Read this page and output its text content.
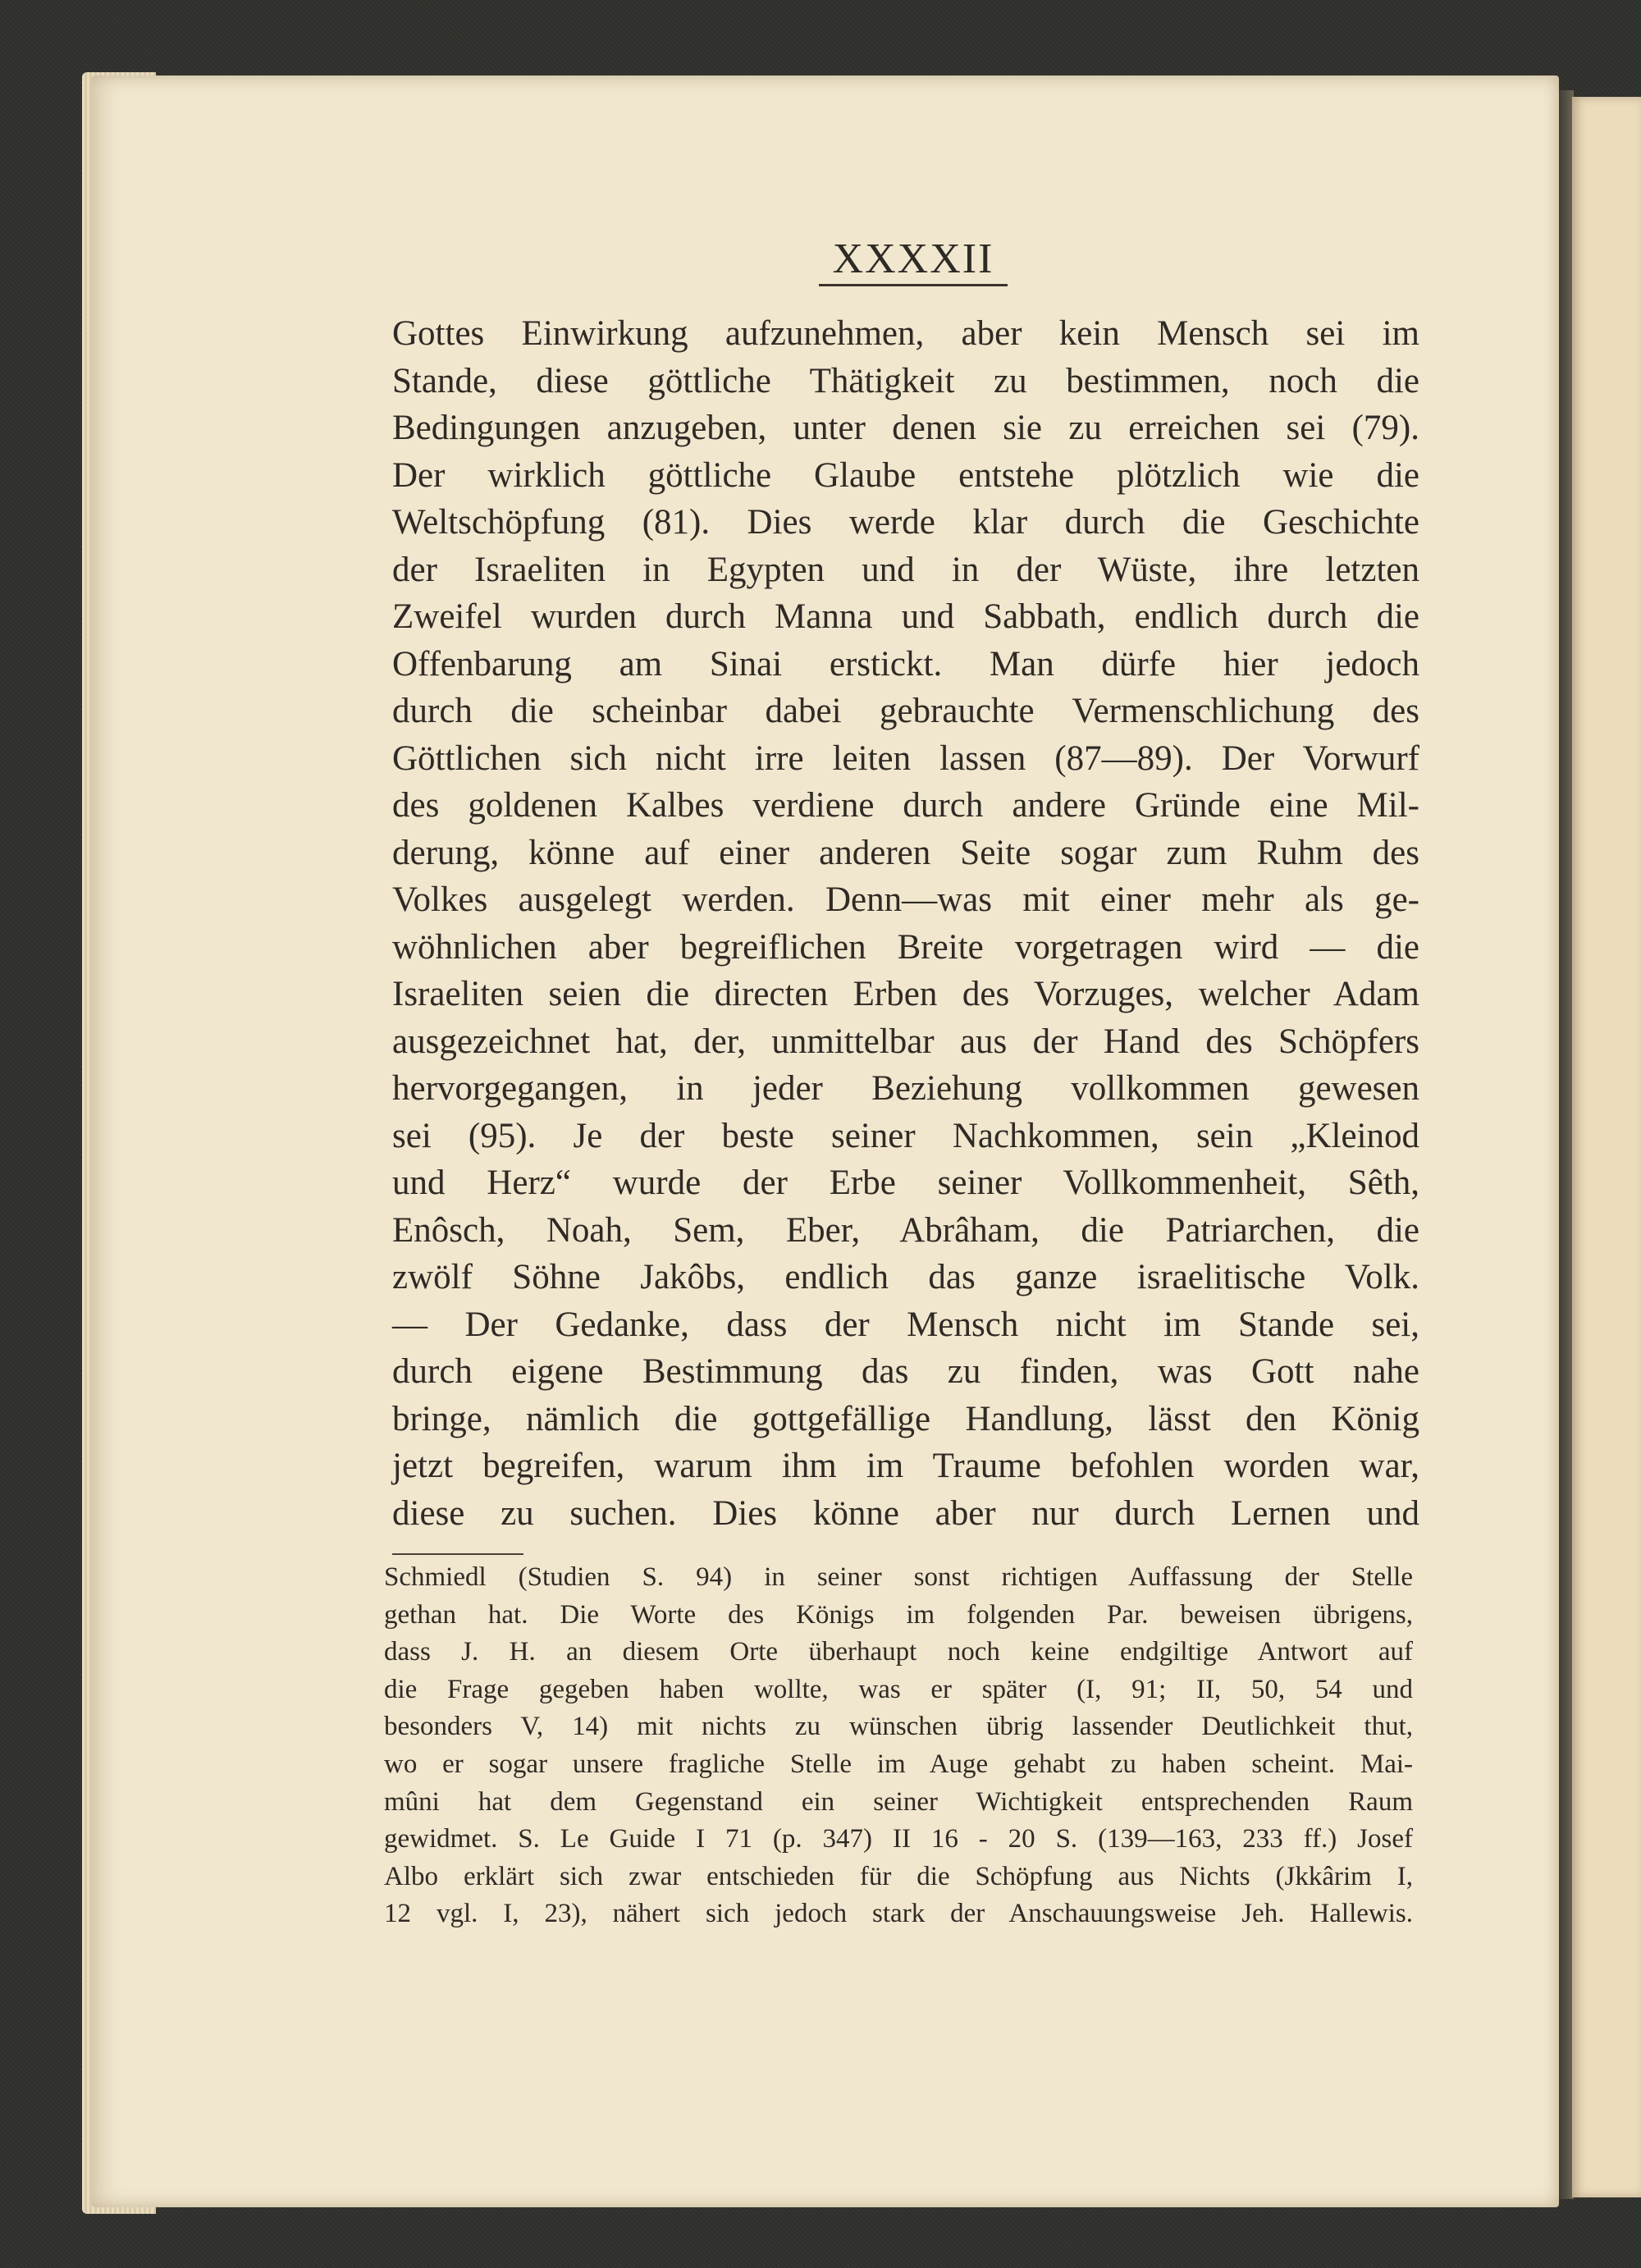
XXXXII
Gottes Einwirkung aufzunehmen, aber kein Mensch sei im
Stande, diese göttliche Thätigkeit zu bestimmen, noch die
Bedingungen anzugeben, unter denen sie zu erreichen sei (79).
Der wirklich göttliche Glaube entstehe plötzlich wie die
Weltschöpfung (81). Dies werde klar durch die Geschichte
der Israeliten in Egypten und in der Wüste, ihre letzten
Zweifel wurden durch Manna und Sabbath, endlich durch die
Offenbarung am Sinai erstickt. Man dürfe hier jedoch
durch die scheinbar dabei gebrauchte Vermenschlichung des
Göttlichen sich nicht irre leiten lassen (87—89). Der Vorwurf
des goldenen Kalbes verdiene durch andere Gründe eine Mil-
derung, könne auf einer anderen Seite sogar zum Ruhm des
Volkes ausgelegt werden. Denn—was mit einer mehr als ge-
wöhnlichen aber begreiflichen Breite vorgetragen wird — die
Israeliten seien die directen Erben des Vorzuges, welcher Adam
ausgezeichnet hat, der, unmittelbar aus der Hand des Schöpfers
hervorgegangen, in jeder Beziehung vollkommen gewesen
sei (95). Je der beste seiner Nachkommen, sein „Kleinod
und Herz“ wurde der Erbe seiner Vollkommenheit, Sêth,
Enôsch, Noah, Sem, Eber, Abrâham, die Patriarchen, die
zwölf Söhne Jakôbs, endlich das ganze israelitische Volk.
— Der Gedanke, dass der Mensch nicht im Stande sei,
durch eigene Bestimmung das zu finden, was Gott nahe
bringe, nämlich die gottgefällige Handlung, lässt den König
jetzt begreifen, warum ihm im Traume befohlen worden war,
diese zu suchen. Dies könne aber nur durch Lernen und
Schmiedl (Studien S. 94) in seiner sonst richtigen Auffassung der Stelle
gethan hat. Die Worte des Königs im folgenden Par. beweisen übrigens,
dass J. H. an diesem Orte überhaupt noch keine endgiltige Antwort auf
die Frage gegeben haben wollte, was er später (I, 91; II, 50, 54 und
besonders V, 14) mit nichts zu wünschen übrig lassender Deutlichkeit thut,
wo er sogar unsere fragliche Stelle im Auge gehabt zu haben scheint. Mai-
mûni hat dem Gegenstand ein seiner Wichtigkeit entsprechenden Raum
gewidmet. S. Le Guide I 71 (p. 347) II 16 - 20 S. (139—163, 233 ff.) Josef
Albo erklärt sich zwar entschieden für die Schöpfung aus Nichts (Jkkârim I,
12 vgl. I, 23), nähert sich jedoch stark der Anschauungsweise Jeh. Hallewis.
